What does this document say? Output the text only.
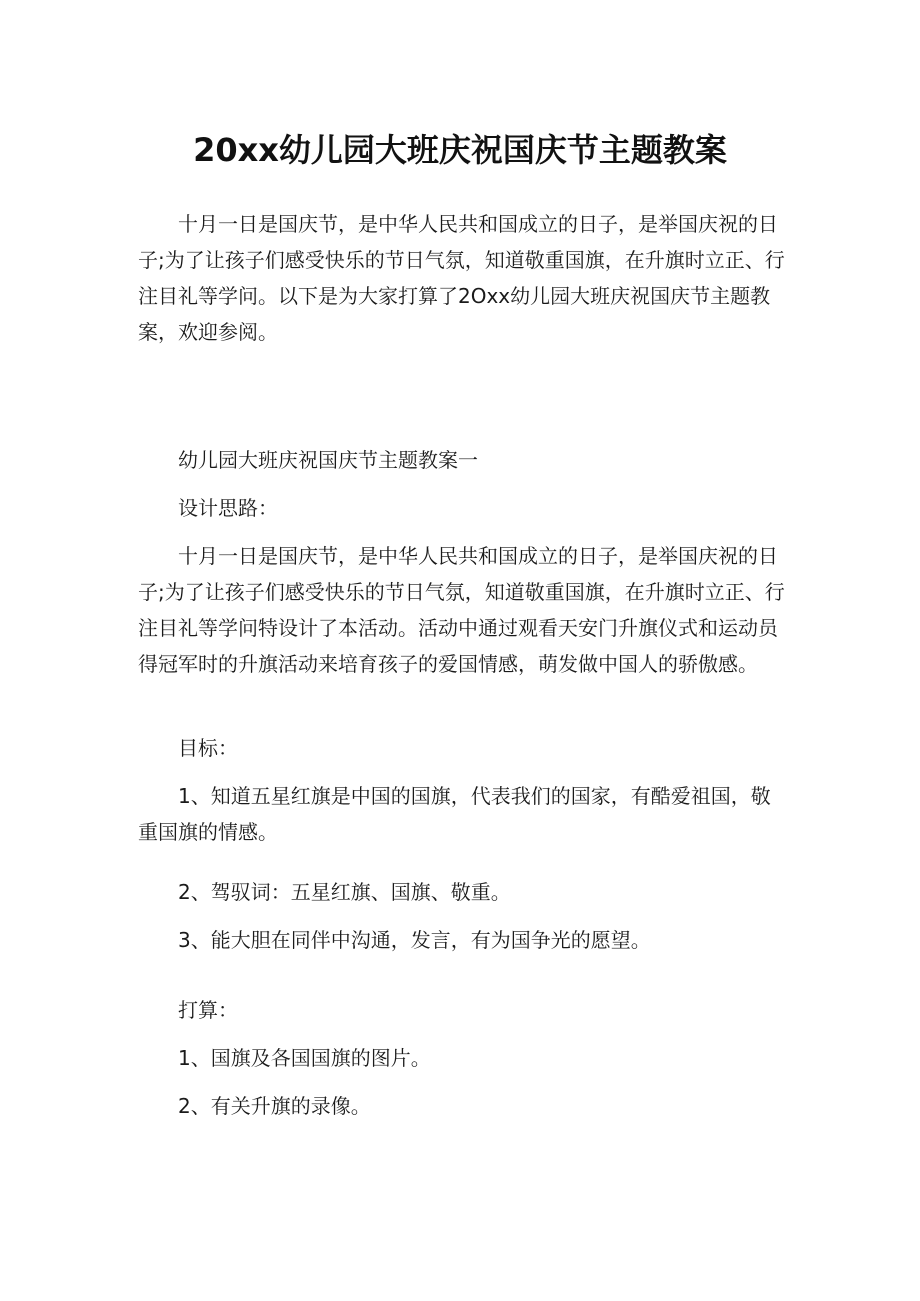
20xx幼儿园大班庆祝国庆节主题教案

十月一日是国庆节，是中华人民共和国成立的日子，是举国庆祝的日子;为了让孩子们感受快乐的节日气氛，知道敬重国旗，在升旗时立正、行注目礼等学问。以下是为大家打算了2Oxx幼儿园大班庆祝国庆节主题教案，欢迎参阅。

幼儿园大班庆祝国庆节主题教案一

设计思路：

十月一日是国庆节，是中华人民共和国成立的日子，是举国庆祝的日子;为了让孩子们感受快乐的节日气氛，知道敬重国旗，在升旗时立正、行注目礼等学问特设计了本活动。活动中通过观看天安门升旗仪式和运动员得冠军时的升旗活动来培育孩子的爱国情感，萌发做中国人的骄傲感。

目标：

1、知道五星红旗是中国的国旗，代表我们的国家，有酷爱祖国，敬重国旗的情感。

2、驾驭词：五星红旗、国旗、敬重。

3、能大胆在同伴中沟通，发言，有为国争光的愿望。

打算：

1、国旗及各国国旗的图片。

2、有关升旗的录像。
